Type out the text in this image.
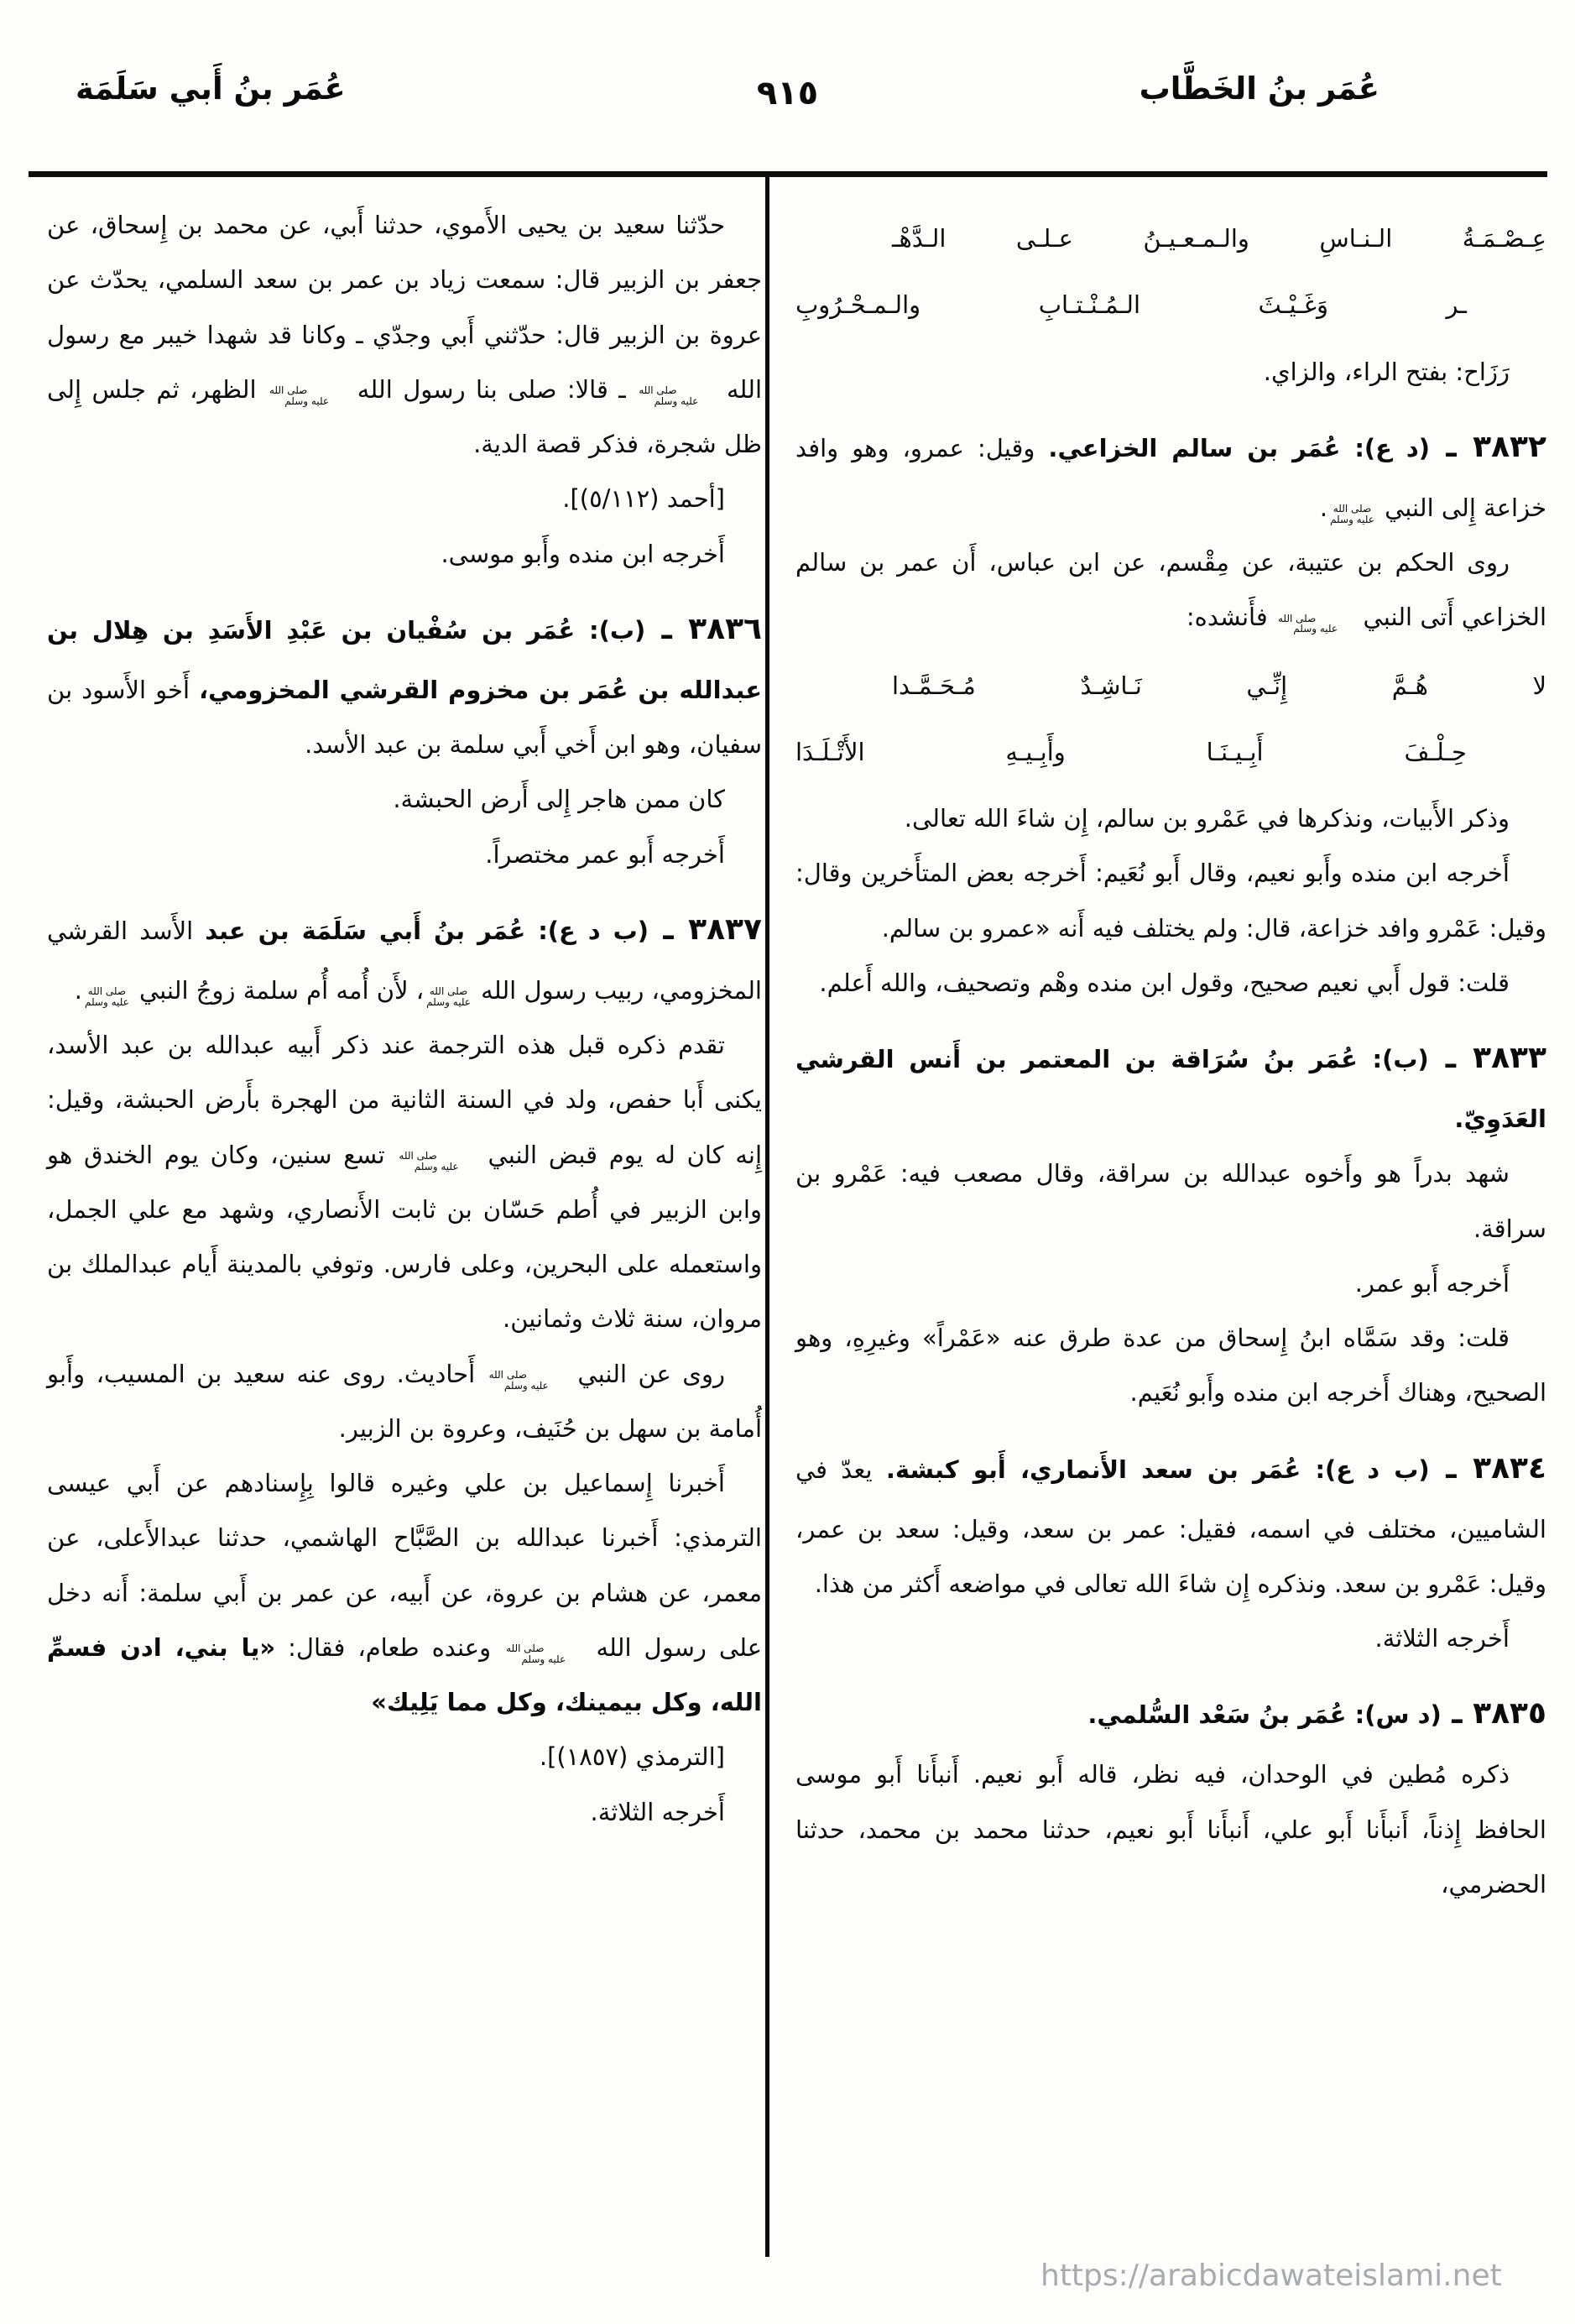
عُمَر بنُ الخَطَّاب
٩١٥
عُمَر بنُ أَبي سَلَمَة
عِـصْـمَـةُ الـنـاسِ والـمـعـيـنُ عـلـى الـدَّهْـ
ـر وَغَـيْـثَ الـمُـنْـتـابِ والـمـحْـرُوبِ

رَزَاح: بفتح الراء، والزاي.

٣٨٣٢ ـ (د ع): عُمَر بن سالم الخزاعي. وقيل: عمرو، وهو وافد خزاعة إِلى النبي صلى الله
عليه وسلم.

روى الحكم بن عتيبة، عن مِقْسم، عن ابن عباس، أَن عمر بن سالم الخزاعي أَتى النبي صلى الله
عليه وسلم فأَنشده:

لا هُـمَّ إِنِّـي نَـاشِـدٌ مُـحَـمَّـدا
حِـلْـفَ أَبِـيـنَـا وأَبِـيـهِ الأَتْـلَـدَا

وذكر الأَبيات، ونذكرها في عَمْرو بن سالم، إِن شاءَ الله تعالى.

أَخرجه ابن منده وأَبو نعيم، وقال أَبو نُعَيم: أَخرجه بعض المتأَخرين وقال: وقيل: عَمْرو وافد خزاعة، قال: ولم يختلف فيه أَنه «عمرو بن سالم.

قلت: قول أَبي نعيم صحيح، وقول ابن منده وهْم وتصحيف، والله أَعلم.

٣٨٣٣ ـ (ب): عُمَر بنُ سُرَاقة بن المعتمر بن أَنس القرشي العَدَوِيّ.

شهد بدراً هو وأَخوه عبدالله بن سراقة، وقال مصعب فيه: عَمْرو بن سراقة.

أَخرجه أَبو عمر.

قلت: وقد سَمَّاه ابنُ إِسحاق من عدة طرق عنه «عَمْراً» وغيرِهِ، وهو الصحيح، وهناك أَخرجه ابن منده وأَبو نُعَيم.

٣٨٣٤ ـ (ب د ع): عُمَر بن سعد الأَنماري، أَبو كبشة. يعدّ في الشاميين، مختلف في اسمه، فقيل: عمر بن سعد، وقيل: سعد بن عمر، وقيل: عَمْرو بن سعد. ونذكره إِن شاءَ الله تعالى في مواضعه أَكثر من هذا.

أَخرجه الثلاثة.

٣٨٣٥ ـ (د س): عُمَر بنُ سَعْد السُّلمي.

ذكره مُطين في الوحدان، فيه نظر، قاله أَبو نعيم. أَنبأَنا أَبو موسى الحافظ إِذناً، أَنبأَنا أَبو علي، أَنبأَنا أَبو نعيم، حدثنا محمد بن محمد، حدثنا الحضرمي،

حدّثنا سعيد بن يحيى الأَموي، حدثنا أَبي، عن محمد بن إِسحاق، عن جعفر بن الزبير قال: سمعت زياد بن عمر بن سعد السلمي، يحدّث عن عروة بن الزبير قال: حدّثني أَبي وجدّي ـ وكانا قد شهدا خيبر مع رسول الله صلى الله
عليه وسلم ـ قالا: صلى بنا رسول الله صلى الله
عليه وسلم الظهر، ثم جلس إِلى ظل شجرة، فذكر قصة الدية.

[أحمد (٥/١١٢)].

أَخرجه ابن منده وأَبو موسى.

٣٨٣٦ ـ (ب): عُمَر بن سُفْيان بن عَبْدِ الأَسَدِ بن هِلال بن عبدالله بن عُمَر بن مخزوم القرشي المخزومي، أَخو الأَسود بن سفيان، وهو ابن أَخي أَبي سلمة بن عبد الأسد.

كان ممن هاجر إِلى أَرض الحبشة.

أَخرجه أَبو عمر مختصراً.

٣٨٣٧ ـ (ب د ع): عُمَر بنُ أَبي سَلَمَة بن عبد الأَسد القرشي المخزومي، ربيب رسول الله صلى الله
عليه وسلم، لأَن أُمه أُم سلمة زوجُ النبي صلى الله
عليه وسلم.

تقدم ذكره قبل هذه الترجمة عند ذكر أَبيه عبدالله بن عبد الأسد، يكنى أَبا حفص، ولد في السنة الثانية من الهجرة بأَرض الحبشة، وقيل: إِنه كان له يوم قبض النبي صلى الله
عليه وسلم تسع سنين، وكان يوم الخندق هو وابن الزبير في أُطم حَسّان بن ثابت الأَنصاري، وشهد مع علي الجمل، واستعمله على البحرين، وعلى فارس. وتوفي بالمدينة أَيام عبدالملك بن مروان، سنة ثلاث وثمانين.

روى عن النبي صلى الله
عليه وسلم أَحاديث. روى عنه سعيد بن المسيب، وأَبو أُمامة بن سهل بن حُنَيف، وعروة بن الزبير.

أَخبرنا إِسماعيل بن علي وغيره قالوا بِإِسنادهم عن أَبي عيسى الترمذي: أَخبرنا عبدالله بن الصَّبَّاح الهاشمي، حدثنا عبدالأَعلى، عن معمر، عن هشام بن عروة، عن أَبيه، عن عمر بن أَبي سلمة: أَنه دخل على رسول الله صلى الله
عليه وسلم وعنده طعام، فقال: «يا بني، ادن فسمِّ الله، وكل بيمينك، وكل مما يَلِيك»

[الترمذي (١٨٥٧)].

أَخرجه الثلاثة.

https://arabicdawateislami.net
